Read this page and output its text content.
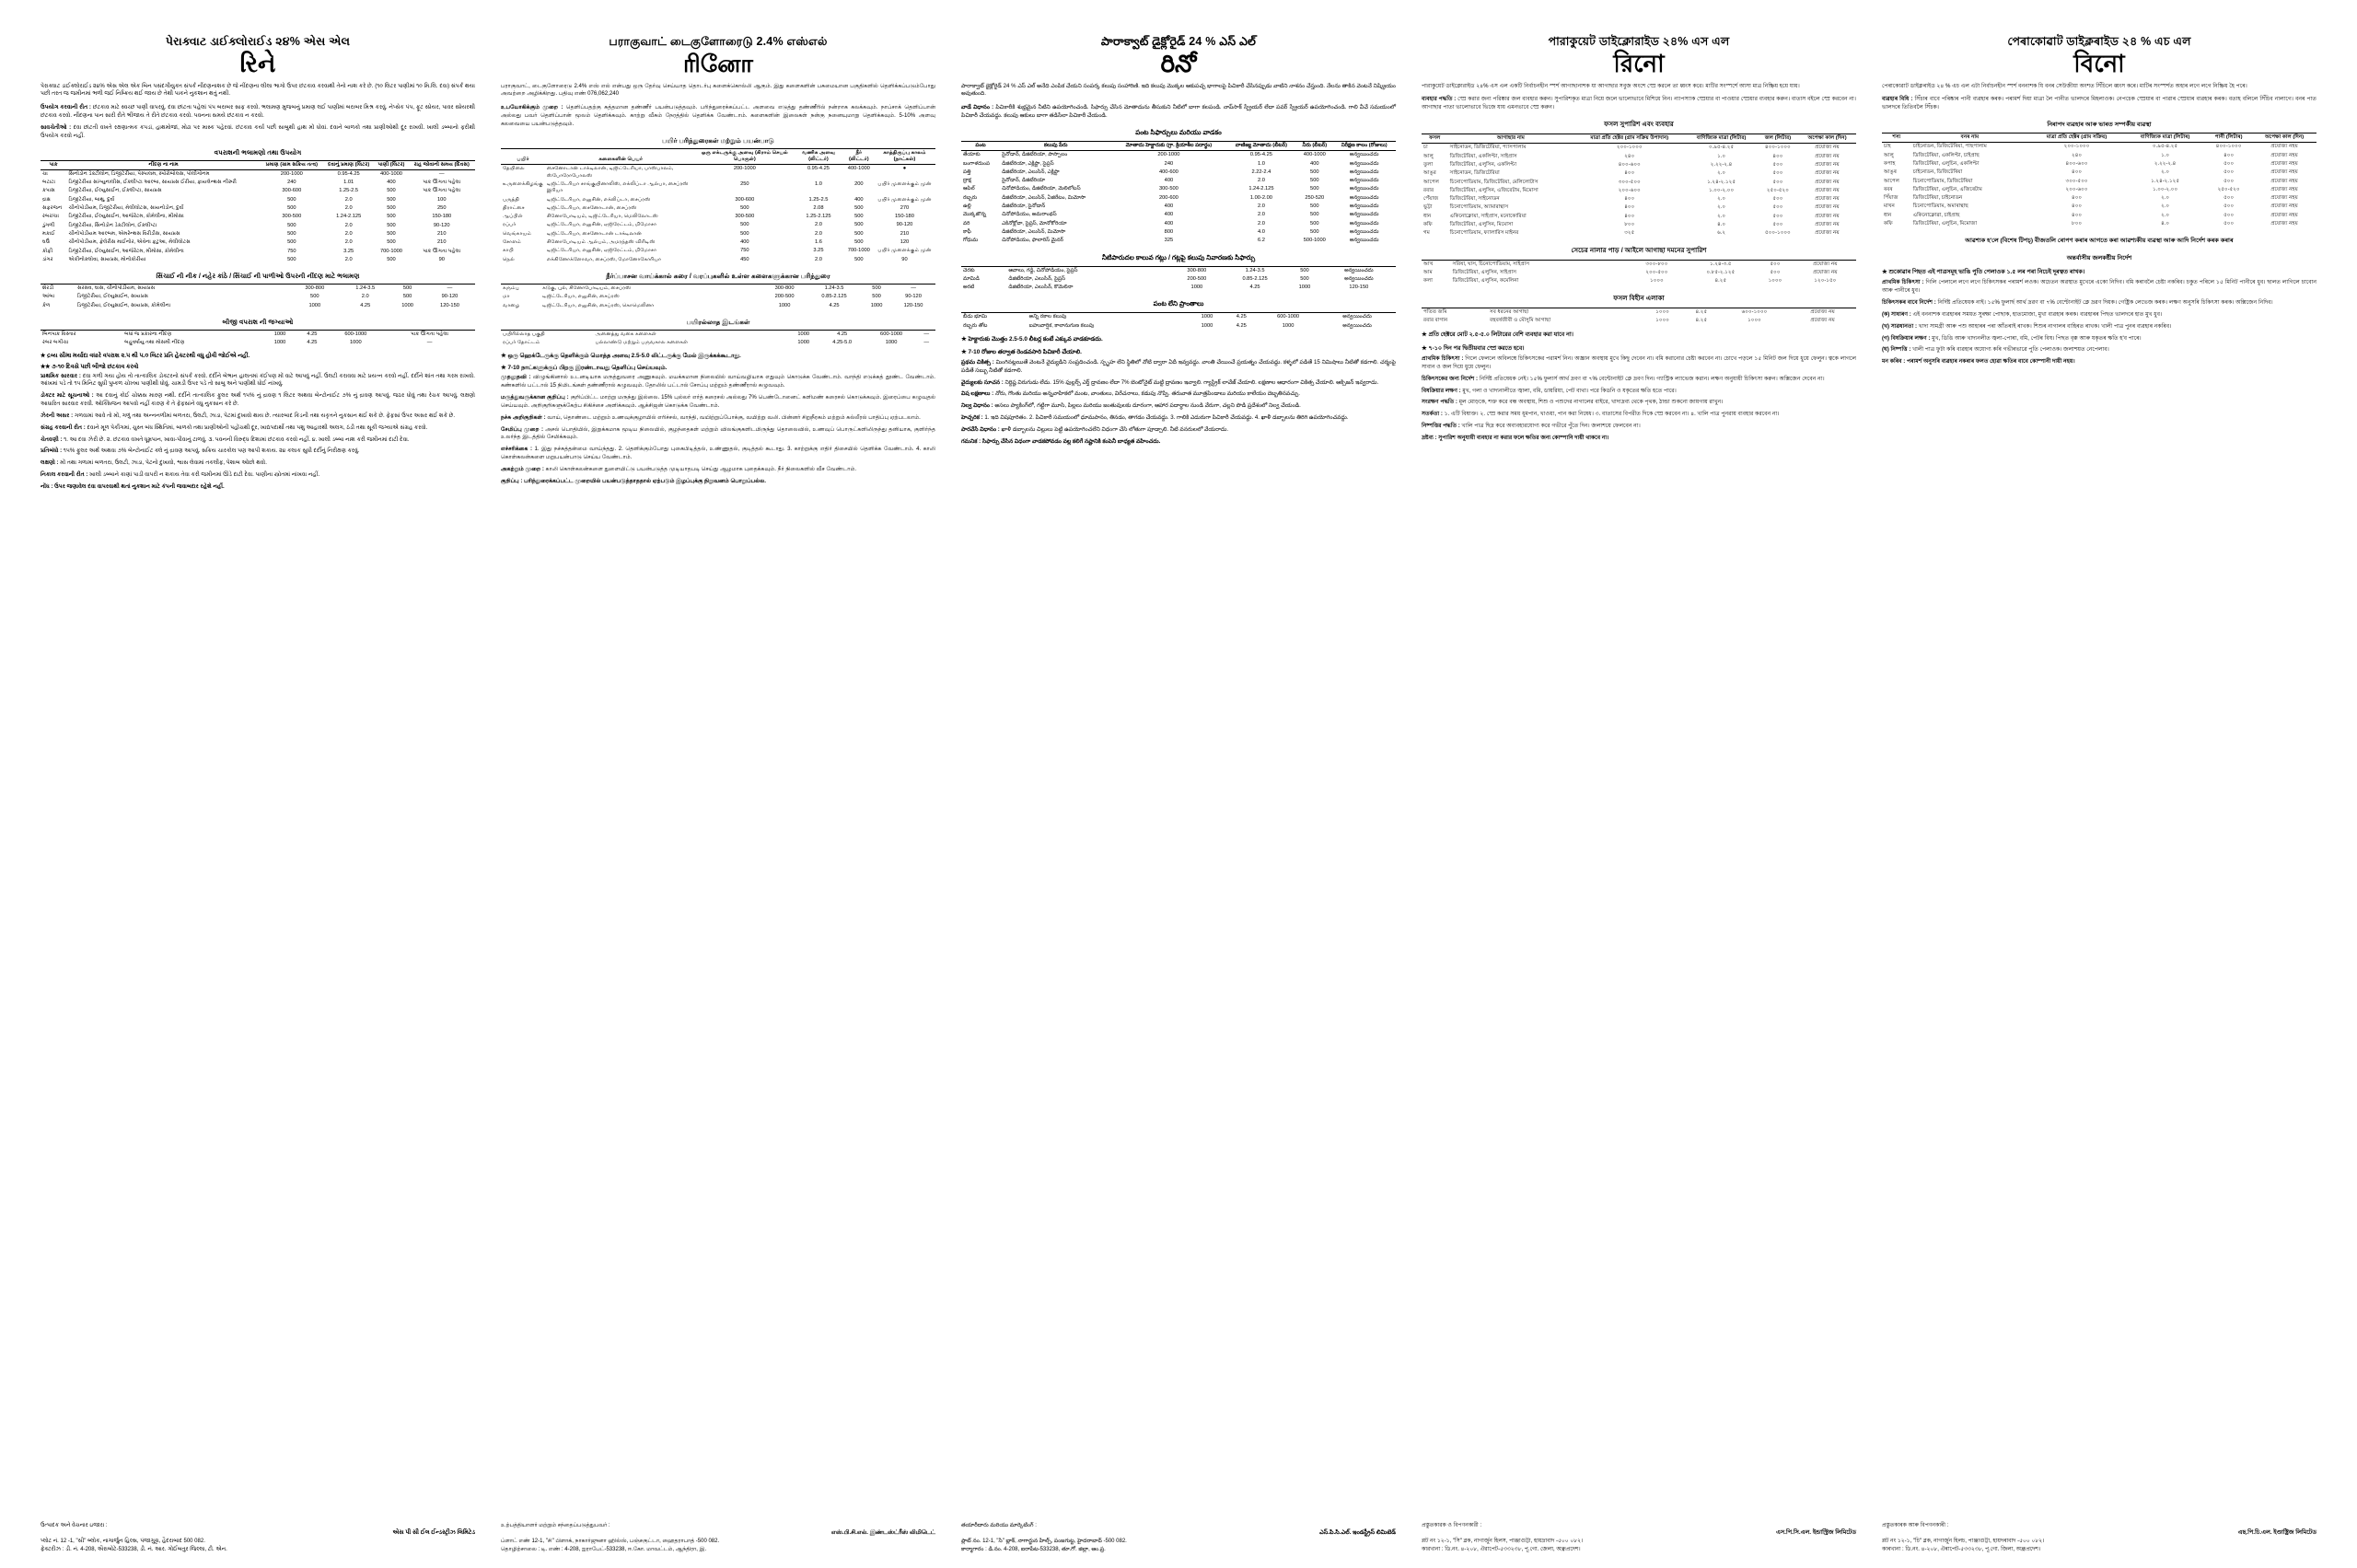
પેરાક્વાટ ડાઈક્લોરાઈડ ૨૪% એસ એલ
રિને
પેરાક્વાટ ડાઈક્લોરાઈડ ૨૪% એસ એલ એક બિન પસંદગીયુક્ત સંપર્ક નીંદણનાશક છે જે નીંદણના લીલા ભાગો ઉપર છંટકાવ કરવાથી તેનો નાશ કરે છે. (૧૦ લિટર પાણીમાં ૧૦ મિ.લિ. દવા) સંપર્ક થયા પછી તરત જ જમીનમાં ભળી જઈ નિષ્ક્રિય થઈ જાય છે તેથી પાકને નુકશાન થતું નથી.
ઉપયોગ કરવાની રીત : છંટકાવ માટે સ્વચ્છ પાણી વાપરવું. દવા છાંટતા પહેલાં પંપ બરાબર સાફ કરવો. ભલામણ મુજબનું પ્રમાણ લઈ પાણીમાં બરાબર મિશ્ર કરવું. નેપ્સેક પંપ, ફૂટ સ્પ્રેયર, પાવર સ્પ્રેયરથી છંટકાવ કરવો. નીંદણના પાન સારી રીતે ભીંજાય તે રીતે છંટકાવ કરવો. પવનના સમયે છંટકાવ ન કરવો.
સાવચેતીઓ : દવા છાંટતી વખતે રક્ષણાત્મક કપડાં, હાથમોજાં, મોઢા પર માસ્ક પહેરવાં. છંટકાવ કર્યા પછી સાબુથી હાથ મોં ધોવાં. દવાને બાળકો તથા પ્રાણીઓથી દૂર રાખવી. ખાલી ડબ્બાનો ફરીથી ઉપયોગ કરવો નહીં.
વપરાશની ભલામણો તથા ઉપયોગ
પાક	નીંદણ ના નામ	પ્રમાણ (ગ્રામ સક્રિય તત્વ)	દવાનું પ્રમાણ (લિટર)	પાણી (લિટર)	રાહ જોવાનો સમય (દિવસ)
ચા	સિનોડોન ડેક્ટીલોન, ડિજીટેરીયા, પેસ્પાલમ, સ્પોરોબોલસ, પોલીગોનમ	200-1000	0.95-4.25	400-1000	—
બટાટા	ડિજીટેરીયા સાંગ્યુનાલીસ, ઈક્લીપ્ટા આલ્બા, સાયપ્રસ ઈરીયા, ફાયલેન્થસ નીરુરી	240	1.01	400	પાક ઊગતા પહેલા
કપાસ	ડિજીટેરીયા, ઈલ્યુસાઈન, ઈક્લીપ્ટા, સાયપ્રસ	300-600	1.25-2.5	500	પાક ઊગતા પહેલા
દ્રાક્ષ	ડિજીટેરીયા, બાથુ, દુર્વા	500	2.0	500	100
સફરજન	ચીનોપોડીયમ, ડિજીટેરીયા, મેલીલોટસ, સાયનોડોન, દુર્વા	500	2.0	500	250
રબર/ચા	ડિજીટેરીયા, ઈલ્યુસાઈન, આજેરેટમ, કોમેલીના, મીમોસા	300-500	1.24-2.125	500	150-180
ડુંગળી	ડિજીટેરીયા, સિનોડોન ડેક્ટીલોન, ઈક્લીપ્ટા	500	2.0	500	90-120
મકાઈ	ચીનોપોડીયમ આલ્બમ, એમરેન્થસ વિરીડીસ, સાયપ્રસ	500	2.0	500	210
ઘઉં	ચીનોપોડીયમ, ફેલેરીસ માઈનોર, એવેના ફટુઆ, મેલીલોટસ	500	2.0	500	210
કોફી	ડિજીટેરીયા, ઈલ્યુસાઈન, આજેરેટમ, મીમોસા, કોમેલીના	750	3.25	700-1000	પાક ઊગતા પહેલા
ડાંગર	એકીનોક્લોવા, સાયપ્રસ, મોનોકોરીયા	500	2.0	500	90
સિંચાઈ ની નીક / નહેર કાંઠે / સિંચાઈ ની પાળીઓ ઉપરની નીંદણ માટે ભલામણ
શેરડી	સરસવ, ઘાસ, ચીનોપોડીયમ, સાયપ્રસ	300-800	1.24-3.5	500	—
આંબા	ડિજીટેરીયા, ઈલ્યુસાઈન, સાયપ્રસ	500	2.0	500	90-120
કેળ	ડિજીટેરીયા, ઈલ્યુસાઈન, સાયપ્રસ, કોમેલીના	1000	4.25	1000	120-150
બીજી વપરાશ ની જગ્યાઓ
બિનપાક વિસ્તાર	બધાં જ પ્રકારના નીંદણ	1000	4.25	600-1000	પાક ઊગતા પહેલા
રબર બગીચા	બહુવર્ષાયુ તથા મોસમી નીંદણ	1000	4.25	1000	—
★ દ્રવ્ય સીમા મર્યાદા વધારે વપરાશ ૨.૫ થી ૫.૦ લિટર પ્રતિ હેક્ટરથી વધુ હોવી જોઈએ નહીં.
★★ ૭-૧૦ દિવસે પછી બીજો છંટકાવ કરવો
પ્રાથમિક સારવાર : દવા ગળી ગયા હોય તો તાત્કાલિક ડોક્ટરનો સંપર્ક કરવો. દર્દીને બેભાન હાલતમાં કંઈપણ મોં વાટે આપવું નહીં. ઉલટી કરાવવા માટે પ્રયત્ન કરવો નહીં. દર્દીને શાંત તથા ગરમ રાખવો. આંખમાં પડે તો ૧૫ મિનિટ સુધી પુષ્કળ ચોખ્ખા પાણીથી ધોવું. ચામડી ઉપર પડે તો સાબુ અને પાણીથી ધોઈ નાંખવું.
ડોક્ટર માટે સૂચનાઓ : આ દવાનું કોઈ ચોક્કસ મારણ નથી. દર્દીને તાત્કાલિક ફુલર અર્થ ૧૫% નું દ્રાવણ ૧ લિટર અથવા બેન્ટોનાઈટ ૭% નું દ્રાવણ આપવું. જઠર ધોવું તથા રેચક આપવું. લક્ષણો આધારિત સારવાર કરવી. ઓક્સિજન આપવો નહીં કારણ કે તે ફેફસાંને વધુ નુકસાન કરે છે.
ઝેરની અસર : ગળવામાં આવે તો મોં, ગળું તથા અન્નનળીમાં બળતરા, ઉલટી, ઝાડા, પેટમાં દુખાવો થાય છે. ત્યારબાદ કિડની તથા યકૃતને નુકસાન થઈ શકે છે. ફેફસાં ઉપર અસર થઈ શકે છે.
સંગ્રહ કરવાની રીત : દવાને મૂળ પેકીંગમાં, ચુસ્ત બંધ સ્થિતિમાં, બાળકો તથા પ્રાણીઓની પહોંચથી દૂર, ખાદ્યપદાર્થો તથા પશુ આહારથી અલગ, ઠંડી તથા સૂકી જગ્યાએ સંગ્રહ કરવો.
ચેતવણી : ૧. આ દવા ઝેરી છે. ૨. છંટકાવ વખતે ધૂમ્રપાન, ખાવા-પીવાનું ટાળવું. ૩. પવનની વિરુદ્ધ દિશામાં છંટકાવ કરવો નહીં. ૪. ખાલી ડબ્બા નાશ કરી જમીનમાં દાટી દેવા.
પ્રતિબંધો : ૧૫% ફુલર અર્થ અથવા ૭% બેન્ટોનાઈટ ક્લે નું દ્રાવણ આપવું. સક્રિય ચારકોલ પણ આપી શકાય. ૨૪ કલાક સુધી દર્દીનું નિરીક્ષણ કરવું.
લક્ષણો : મોં તથા ગળામાં બળતરા, ઉલટી, ઝાડા, પેટનો દુખાવો, શ્વાસ લેવામાં તકલીફ, પેશાબ ઓછો થવો.
નિકાલ કરવાની રીત : ખાલી ડબ્બાને કાણાં પાડી વાપરી ન શકાય તેવા કરી જમીનમાં ઊંડે દાટી દેવા. પાણીના સ્ત્રોતમાં નાંખવા નહીં.
નોંધ : ઉપર જણાવેલ દવા વાપરવાથી થતાં નુકશાન માટે કંપની જવાબદાર રહેશે નહીં.
ઉત્પાદક અને વેચનાર ઇજારા :
એસ પી સી ઈલ ઈન્ડસ્ટ્રીઝ લિમિટેડ
પ્લોટ નં. 12 -1, "સી" બ્લોક, નાગાર્જુન હિલ્સ, પંજાગુટ્ટા, હૈદરાબાદ 500 082.
ફેક્ટરીઝ : ડી. નં. 4-208, ઐરાબોટે-533238, ડી. નં. આર. ગોઈંબતુર જિલ્લા, ટી. એન.
பராகுவாட் டைகுளோரைடு 2.4% எஸ்எல்
ரினோ
பராகுவாட், டைகுளோரைடு 2.4% எஸ் எல் என்பது ஒரு தேர்வு செய்யாத தொடர்பு களைக்கொல்லி ஆகும். இது களைகளின் பசுமையான பகுதிகளில் தெளிக்கப்படும்போது அவற்றை அழிக்கிறது. பதிவு எண் 076,062,240
உபயோகிக்கும் முறை : தெளிப்பதற்கு சுத்தமான தண்ணீர் பயன்படுத்தவும். பரிந்துரைக்கப்பட்ட அளவை எடுத்து தண்ணீரில் நன்றாக கலக்கவும். நாப்சாக் தெளிப்பான் அல்லது பவர் தெளிப்பான் மூலம் தெளிக்கவும். காற்று வீசும் நேரத்தில் தெளிக்க வேண்டாம். களைகளின் இலைகள் நன்கு நனையுமாறு தெளிக்கவும். 5-10% அளவு கலவையை பயன்படுத்தவும்.
பயிர் பரிந்துரைகள் மற்றும் பயன்பாடு
பயிர்	களைகளின் பெயர்	ஒரு எக்டருக்கு அளவு (கிராம் செயல் பொருள்)	வணிக அளவு (லிட்டர்)	நீர் (லிட்டர்)	காத்திருப்பு காலம் (நாட்கள்)
தேயிலை	சைனோடான் டாக்டிலான், டிஜிட்டேரியா, பாஸ்பாலம், ஸ்போரோபோலஸ்	200-1000	0.95-4.25	400-1000	●
உருளைக்கிழங்கு	டிஜிட்டேரியா சாங்குயினாலிஸ், எக்லிப்டா ஆல்பா, சைப்ரஸ் இரியா	250	1.0	200	பயிர் முளைக்கும் முன்
பருத்தி	டிஜிட்டேரியா, எலுசின், எக்லிப்டா, சைப்ரஸ்	300-600	1.25-2.5	400	பயிர் முளைக்கும் முன்
திராட்சை	டிஜிட்டேரியா, சைனோடான், சைப்ரஸ்	500	2.08	500	270
ஆப்பிள்	சினோபோடியம், டிஜிட்டேரியா, மெலிலோடஸ்	300-500	1.25-2.125	500	150-180
ரப்பர்	டிஜிட்டேரியா, எலுசின், ஏஜிரேட்டம், மிமோசா	500	2.0	500	90-120
வெங்காயம்	டிஜிட்டேரியா, சைனோடான் டாக்டிலான்	500	2.0	500	210
சோளம்	சினோபோடியம் ஆல்பம், அமரந்தஸ் விரிடிஸ்	400	1.6	500	120
காபி	டிஜிட்டேரியா, எலுசின், ஏஜிரேட்டம், மிமோசா	750	3.25	700-1000	பயிர் முளைக்கும் முன்
நெல்	எக்கினோக்ளோவா, சைப்ரஸ், மோனோகோரியா	450	2.0	500	90
நீர்ப்பாசன வாய்க்கால் கரை / வரப்புகளில் உள்ள களைகளுக்கான பரிந்துரை
கரும்பு	கடுகு, புல், சினோபோடியம், சைப்ரஸ்	300-800	1.24-3.5	500	—
மா	டிஜிட்டேரியா, எலுசின், சைப்ரஸ்	200-500	0.85-2.125	500	90-120
வாழை	டிஜிட்டேரியா, எலுசின், சைப்ரஸ், கொமெலினா	1000	4.25	1000	120-150
பயிரல்லாத இடங்கள்
பயிரில்லாத பகுதி	அனைத்து வகை களைகள்	1000	4.25	600-1000	—
ரப்பர் தோட்டம்	பல்லாண்டு மற்றும் பருவகால களைகள்	1000	4.25-5.0	1000	—
★ ஒரு ஹெக்டேருக்கு தெளிக்கும் மொத்த அளவு 2.5-5.0 லிட்டருக்கு மேல் இருக்கக்கூடாது.
★ 7-10 நாட்களுக்குப் பிறகு இரண்டாவது தெளிப்பு செய்யவும்.
முதலுதவி : விழுங்கினால் உடனடியாக மருத்துவரை அணுகவும். மயக்கமான நிலையில் வாய்வழியாக எதுவும் கொடுக்க வேண்டாம். வாந்தி எடுக்கத் தூண்ட வேண்டாம். கண்களில் பட்டால் 15 நிமிடங்கள் தண்ணீரால் கழுவவும். தோலில் பட்டால் சோப்பு மற்றும் தண்ணீரால் கழுவவும்.
மருத்துவருக்கான குறிப்பு : குறிப்பிட்ட மாற்று மருந்து இல்லை. 15% புல்லர் எர்த் கரைசல் அல்லது 7% பெண்டோனைட் களிமண் கரைசல் கொடுக்கவும். இரைப்பை கழுவுதல் செய்யவும். அறிகுறிகளுக்கேற்ப சிகிச்சை அளிக்கவும். ஆக்சிஜன் கொடுக்க வேண்டாம்.
நச்சு அறிகுறிகள் : வாய், தொண்டை மற்றும் உணவுக்குழாயில் எரிச்சல், வாந்தி, வயிற்றுப்போக்கு, வயிற்று வலி. பின்னர் சிறுநீரகம் மற்றும் கல்லீரல் பாதிப்பு ஏற்படலாம்.
சேமிப்பு முறை : அசல் பொதியில், இறுக்கமாக மூடிய நிலையில், குழந்தைகள் மற்றும் விலங்குகளிடமிருந்து தொலைவில், உணவுப் பொருட்களிலிருந்து தனியாக, குளிர்ந்த உலர்ந்த இடத்தில் சேமிக்கவும்.
எச்சரிக்கை : 1. இது நச்சுத்தன்மை வாய்ந்தது. 2. தெளிக்கும்போது புகைபிடித்தல், உண்ணுதல், குடித்தல் கூடாது. 3. காற்றுக்கு எதிர் திசையில் தெளிக்க வேண்டாம். 4. காலி கொள்கலன்களை மறுபயன்பாடு செய்ய வேண்டாம்.
அகற்றும் முறை : காலி கொள்கலன்களை துளையிட்டு பயன்படுத்த முடியாதபடி செய்து ஆழமாக புதைக்கவும். நீர் நிலைகளில் வீச வேண்டாம்.
குறிப்பு : பரிந்துரைக்கப்பட்ட முறையில் பயன்படுத்தாததால் ஏற்படும் இழப்புக்கு நிறுவனம் பொறுப்பல்ல.
உற்பத்தியாளர் மற்றும் சந்தைப்படுத்துபவர் :
எஸ்.பி.சி.எல். இண்டஸ்ட்ரீஸ் லிமிடெட்
ப்ளாட் எண் 12-1, "சி" பிளாக், நாகார்ஜுனா ஹில்ஸ், பஞ்சகுட்டா, ஹைதராபாத் -500 082.
தொழிற்சாலை : டி. எண் : 4-208, ஐராபேட்-533238, ஈ.கோ. மாவட்டம், ஆந்திரா, இ.
పారాక్వాట్ డైక్లోరైడ్ 24 % ఎస్ ఎల్
రినో
పారాక్వాట్ డైక్లోరైడ్ 24 % ఎస్ ఎల్ అనేది ఎంపిక చేయని సంపర్క కలుపు సంహారిణి. ఇది కలుపు మొక్కల ఆకుపచ్చ భాగాలపై పిచికారీ చేసినప్పుడు వాటిని నాశనం చేస్తుంది. నేలను తాకిన వెంటనే నిష్క్రియం అవుతుంది.
వాడే విధానం : పిచికారీకి శుభ్రమైన నీటిని ఉపయోగించండి. సిఫార్సు చేసిన మోతాదును తీసుకుని నీటిలో బాగా కలపండి. నాప్‌సాక్ స్ప్రేయర్ లేదా పవర్ స్ప్రేయర్ ఉపయోగించండి. గాలి వీచే సమయంలో పిచికారీ చేయవద్దు. కలుపు ఆకులు బాగా తడిసేలా పిచికారీ చేయండి.
పంట సిఫార్సులు మరియు వాడకం
పంట	కలుపు పేరు	మోతాదు హెక్టారుకు (గ్రా. క్రియాశీల పదార్థం)	వాణిజ్య మోతాదు (లీటర్)	నీరు (లీటర్)	నిరీక్షణ కాలం (రోజులు)
తేయాకు	సైనోడాన్, డిజిటేరియా, పాస్పాలం	200-1000	0.95-4.25	400-1000	అన్వయించదు
బంగాళదుంప	డిజిటేరియా, ఎక్లిప్టా, సైప్రస్	240	1.0	400	అన్వయించదు
పత్తి	డిజిటేరియా, ఎలుసిన్, ఎక్లిప్టా	400-600	2.22-2.4	500	అన్వయించదు
ద్రాక్ష	సైనోడాన్, డిజిటేరియా	400	2.0	500	అన్వయించదు
ఆపిల్	చినోపోడియం, డిజిటేరియా, మెలిలోటస్	300-500	1.24-2.125	500	అన్వయించదు
రబ్బరు	డిజిటేరియా, ఎలుసిన్, ఏజిరేటం, మిమోసా	200-600	1.00-2.00	250-520	అన్వయించదు
ఉల్లి	డిజిటేరియా, సైనోడాన్	400	2.0	500	అన్వయించదు
మొక్కజొన్న	చినోపోడియం, అమరాంథస్	400	2.0	500	అన్వయించదు
వరి	ఎకినోక్లోవా, సైప్రస్, మోనోకోరియా	400	2.0	500	అన్వయించదు
కాఫీ	డిజిటేరియా, ఎలుసిన్, మిమోసా	800	4.0	500	అన్వయించదు
గోధుమ	చినోపోడియం, ఫాలారిస్ మైనర్	325	6.2	500-1000	అన్వయించదు
నీటిపారుదల కాలువ గట్లు / గట్లపై కలుపు నివారణకు సిఫార్సు
చెరకు	ఆవాలు, గడ్డి, చినోపోడియం, సైప్రస్	300-800	1.24-3.5	500	అన్వయించదు
మామిడి	డిజిటేరియా, ఎలుసిన్, సైప్రస్	200-500	0.85-2.125	500	అన్వయించదు
అరటి	డిజిటేరియా, ఎలుసిన్, కొమెలినా	1000	4.25	1000	120-150
పంట లేని ప్రాంతాలు
బీడు భూమి	అన్ని రకాల కలుపు	1000	4.25	600-1000	అన్వయించదు
రబ్బరు తోట	బహువార్షిక, కాలానుగుణ కలుపు	1000	4.25	1000	అన్వయించదు
★ హెక్టారుకు మొత్తం 2.5-5.0 లీటర్ల కంటే ఎక్కువ వాడకూడదు.
★ 7-10 రోజుల తర్వాత రెండవసారి పిచికారీ చేయాలి.
ప్రథమ చికిత్స : మింగినట్లయితే వెంటనే వైద్యుడిని సంప్రదించండి. స్పృహ లేని స్థితిలో నోటి ద్వారా ఏదీ ఇవ్వవద్దు. వాంతి చేయించే ప్రయత్నం చేయవద్దు. కళ్ళలో పడితే 15 నిమిషాలు నీటితో కడగాలి. చర్మంపై పడితే సబ్బు నీటితో కడగాలి.
వైద్యులకు సూచన : నిర్దిష్ట విరుగుడు లేదు. 15% ఫుల్లర్స్ ఎర్త్ ద్రావణం లేదా 7% బెంటోనైట్ మట్టి ద్రావణం ఇవ్వాలి. గ్యాస్ట్రిక్ లావేజ్ చేయాలి. లక్షణాల ఆధారంగా చికిత్స చేయాలి. ఆక్సిజన్ ఇవ్వరాదు.
విష లక్షణాలు : నోరు, గొంతు మరియు అన్నవాహికలో మంట, వాంతులు, విరేచనాలు, కడుపు నొప్పి. తరువాత మూత్రపిండాలు మరియు కాలేయం దెబ్బతినవచ్చు.
నిల్వ విధానం : అసలు ప్యాకింగ్‌లో, గట్టిగా మూసి, పిల్లలు మరియు జంతువులకు దూరంగా, ఆహార పదార్థాల నుండి వేరుగా, చల్లని పొడి ప్రదేశంలో నిల్వ చేయండి.
హెచ్చరిక : 1. ఇది విషపూరితం. 2. పిచికారీ సమయంలో ధూమపానం, తినడం, తాగడం చేయవద్దు. 3. గాలికి ఎదురుగా పిచికారీ చేయవద్దు. 4. ఖాళీ డబ్బాలను తిరిగి ఉపయోగించవద్దు.
పారవేసే విధానం : ఖాళీ డబ్బాలను చిల్లులు పెట్టి ఉపయోగించలేని విధంగా చేసి లోతుగా పూడ్చాలి. నీటి వనరులలో వేయరాదు.
గమనిక : సిఫార్సు చేసిన విధంగా వాడకపోవడం వల్ల కలిగే నష్టానికి కంపెనీ బాధ్యత వహించదు.
తయారీదారు మరియు మార్కెటింగ్ :
ఎస్.పి.సి.ఎల్. ఇండస్ట్రీస్ లిమిటెడ్
ప్లాట్ నం. 12-1, "సి" బ్లాక్, నాగార్జున హిల్స్, పంజగుట్ట, హైదరాబాద్ -500 082.
కార్మాగారం : డి.నం. 4-208, ఐరాపేట-533238, తూ.గో. జిల్లా, ఆం.ప్ర.
পারাকুয়েট ডাইক্লোরাইড ২৪% এস এল
রিনো
পারাকুয়েট ডাইক্লোরাইড ২৪% এস এল একটি নির্বাচনহীন স্পর্শ আগাছানাশক যা আগাছার সবুজ অংশে স্প্রে করলে তা ধ্বংস করে। মাটির সংস্পর্শে আসা মাত্র নিষ্ক্রিয় হয়ে যায়।
ব্যবহার পদ্ধতি : স্প্রে করার জন্য পরিষ্কার জল ব্যবহার করুন। সুপারিশকৃত মাত্রা নিয়ে জলে ভালোভাবে মিশিয়ে নিন। ন্যাপস্যাক স্প্রেয়ার বা পাওয়ার স্প্রেয়ার ব্যবহার করুন। বাতাস বইলে স্প্রে করবেন না। আগাছার পাতা ভালোভাবে ভিজে যায় এমনভাবে স্প্রে করুন।
ফসল সুপারিশ এবং ব্যবহার
ফসল	আগাছার নাম	মাত্রা প্রতি হেক্টর (গ্রাম সক্রিয় উপাদান)	বাণিজ্যিক মাত্রা (লিটার)	জল (লিটার)	অপেক্ষা কাল (দিন)
চা	সাইনোডন, ডিজিটেরিয়া, প্যাসপালাম	২০০-১০০০	০.৯৫-৪.২৫	৪০০-১০০০	প্রযোজ্য নয়
আলু	ডিজিটেরিয়া, একলিপ্টা, সাইপ্রাস	২৪০	১.০	৪০০	প্রযোজ্য নয়
তুলা	ডিজিটেরিয়া, এলুসিন, একলিপ্টা	৪০০-৬০০	২.২২-২.৪	৫০০	প্রযোজ্য নয়
আঙুর	সাইনোডন, ডিজিটেরিয়া	৪০০	২.০	৫০০	প্রযোজ্য নয়
আপেল	চিনোপোডিয়াম, ডিজিটেরিয়া, মেলিলোটাস	৩০০-৫০০	১.২৪-২.১২৫	৫০০	প্রযোজ্য নয়
রবার	ডিজিটেরিয়া, এলুসিন, এজিরেটাম, মিমোসা	২০০-৬০০	১.০০-২.০০	২৫০-৫২০	প্রযোজ্য নয়
পেঁয়াজ	ডিজিটেরিয়া, সাইনোডন	৪০০	২.০	৫০০	প্রযোজ্য নয়
ভুট্টা	চিনোপোডিয়াম, অ্যামারান্থাস	৪০০	২.০	৫০০	প্রযোজ্য নয়
ধান	একিনোক্লোয়া, সাইপ্রাস, মনোকোরিয়া	৪০০	২.০	৫০০	প্রযোজ্য নয়
কফি	ডিজিটেরিয়া, এলুসিন, মিমোসা	৮০০	৪.০	৫০০	প্রযোজ্য নয়
গম	চিনোপোডিয়াম, ফ্যালারিস মাইনর	৩২৫	৬.২	৫০০-১০০০	প্রযোজ্য নয়
সেচের নালার পাড় / আইলে আগাছা দমনের সুপারিশ
আখ	সরিষা, ঘাস, চিনোপোডিয়াম, সাইপ্রাস	৩০০-৮০০	১.২৪-৩.৫	৫০০	প্রযোজ্য নয়
আম	ডিজিটেরিয়া, এলুসিন, সাইপ্রাস	২০০-৫০০	০.৮৫-২.১২৫	৫০০	প্রযোজ্য নয়
কলা	ডিজিটেরিয়া, এলুসিন, কমেলিনা	১০০০	৪.২৫	১০০০	১২০-১৫০
ফসল বিহীন এলাকা
পতিত জমি	সব ধরনের আগাছা	১০০০	৪.২৫	৬০০-১০০০	প্রযোজ্য নয়
রবার বাগান	বহুবর্ষজীবী ও মৌসুমি আগাছা	১০০০	৪.২৫	১০০০	প্রযোজ্য নয়
★ প্রতি হেক্টরে মোট ২.৫-৫.০ লিটারের বেশি ব্যবহার করা যাবে না।
★ ৭-১০ দিন পর দ্বিতীয়বার স্প্রে করতে হবে।
প্রাথমিক চিকিৎসা : গিলে ফেললে অবিলম্বে চিকিৎসকের পরামর্শ নিন। অজ্ঞান অবস্থায় মুখে কিছু দেবেন না। বমি করানোর চেষ্টা করবেন না। চোখে পড়লে ১৫ মিনিট জল দিয়ে ধুয়ে ফেলুন। ত্বকে লাগলে সাবান ও জল দিয়ে ধুয়ে ফেলুন।
চিকিৎসকের জন্য নির্দেশ : নির্দিষ্ট প্রতিষেধক নেই। ১৫% ফুলার্স আর্থ দ্রবণ বা ৭% বেন্টোনাইট ক্লে দ্রবণ দিন। গ্যাস্ট্রিক ল্যাভেজ করান। লক্ষণ অনুযায়ী চিকিৎসা করুন। অক্সিজেন দেবেন না।
বিষক্রিয়ার লক্ষণ : মুখ, গলা ও খাদ্যনালীতে জ্বালা, বমি, ডায়রিয়া, পেট ব্যথা। পরে কিডনি ও যকৃতের ক্ষতি হতে পারে।
সংরক্ষণ পদ্ধতি : মূল মোড়কে, শক্ত করে বন্ধ অবস্থায়, শিশু ও পশুদের নাগালের বাইরে, খাদ্যদ্রব্য থেকে পৃথক, ঠান্ডা শুকনো জায়গায় রাখুন।
সতর্কতা : ১. এটি বিষাক্ত। ২. স্প্রে করার সময় ধূমপান, খাওয়া, পান করা নিষেধ। ৩. বাতাসের বিপরীত দিকে স্প্রে করবেন না। ৪. খালি পাত্র পুনরায় ব্যবহার করবেন না।
নিষ্পত্তির পদ্ধতি : খালি পাত্র ছিদ্র করে অব্যবহারযোগ্য করে গভীরে পুঁতে দিন। জলাশয়ে ফেলবেন না।
দ্রষ্টব্য : সুপারিশ অনুযায়ী ব্যবহার না করার ফলে ক্ষতির জন্য কোম্পানি দায়ী থাকবে না।
প্রস্তুতকারক ও বিপণনকারী :
এস.পি.সি.এল. ইন্ডাস্ট্রিজ লিমিটেড
প্লট নং ১২-১, "সি" ব্লক, নাগার্জুন হিলস, পাঞ্জাগুট্টা, হায়দ্রাবাদ -৫০০ ০৮২।
কারখানা : ডি.নং. ৪-২০৮, ঐরাপেট-৫৩৩২৩৮, পূ.গো. জেলা, অন্ধ্রপ্রদেশ।
পেৰাকোৱাট ডাইক্লৰাইড ২৪ % এচ এল
বিনো
পেৰাকোৱাট ডাইক্লৰাইড ২৪ % এচ এল এটা নিৰ্বাচনহীন স্পৰ্শ বননাশক যি বনৰ সেউজীয়া অংশত সিঁচিলে ধ্বংস কৰে। মাটিৰ সংস্পৰ্শত অহাৰ লগে লগে নিষ্ক্ৰিয় হৈ পৰে।
ব্যৱহাৰ বিধি : সিঁচাৰ বাবে পৰিষ্কাৰ পানী ব্যৱহাৰ কৰক। পৰামৰ্শ দিয়া মাত্ৰা লৈ পানীত ভালদৰে মিহলাওক। নেপচেক স্প্ৰেয়াৰ বা পাৱাৰ স্প্ৰেয়াৰ ব্যৱহাৰ কৰক। বতাহ বলিলে সিঁচিব নালাগে। বনৰ পাত ভালদৰে তিতিবলৈ সিঁচক।
নিৰাপদ ব্যৱহাৰ আৰু ভাৰত সম্পৰ্কীয় ব্যৱস্থা
শস্য	বনৰ নাম	মাত্ৰা প্ৰতি হেক্টৰ (গ্ৰাম সক্ৰিয়)	বাণিজ্যিক মাত্ৰা (লিটাৰ)	পানী (লিটাৰ)	অপেক্ষা কাল (দিন)
চাহ	চাইনোডন, ডিজিটেৰিয়া, পাছপালাম	২০০-১০০০	০.৯৫-৪.২৫	৪০০-১০০০	প্ৰযোজ্য নহয়
আলু	ডিজিটেৰিয়া, একলিপ্টা, চাইপ্ৰাছ	২৪০	১.০	৪০০	প্ৰযোজ্য নহয়
কপাহ	ডিজিটেৰিয়া, এলুচিন, একলিপ্টা	৪০০-৬০০	২.২২-২.৪	৫০০	প্ৰযোজ্য নহয়
আঙুৰ	চাইনোডন, ডিজিটেৰিয়া	৪০০	২.০	৫০০	প্ৰযোজ্য নহয়
আপেল	চিনোপোডিয়াম, ডিজিটেৰিয়া	৩০০-৫০০	১.২৪-২.১২৫	৫০০	প্ৰযোজ্য নহয়
ৰবৰ	ডিজিটেৰিয়া, এলুচিন, এজিৰেটাম	২০০-৬০০	১.০০-২.০০	২৫০-৫২০	প্ৰযোজ্য নহয়
পিঁয়াজ	ডিজিটেৰিয়া, চাইনোডন	৪০০	২.০	৫০০	প্ৰযোজ্য নহয়
মাখন	চিনোপোডিয়াম, অমাৰান্থাছ	৪০০	২.০	৫০০	প্ৰযোজ্য নহয়
ধান	একিনোক্লোৱা, চাইপ্ৰাছ	৪০০	২.০	৫০০	প্ৰযোজ্য নহয়
কফি	ডিজিটেৰিয়া, এলুচিন, মিমোজা	৮০০	৪.০	৫০০	প্ৰযোজ্য নহয়
আৱশ্যক হ'লে (বিশেষ টিপচ্) বীজতলি ৰোপণ কৰাৰ আগতে কৰা আৱশ্যকীয় ব্যৱস্থা আৰু আদি নিৰ্দেশ কৰক কৰাৰ
অন্তৰ্বাসীয় জলকষ্টীয় নিৰ্দেশ
★ শুকোৱাৰ পিছত এই পাত্ৰসমূহ ভাঙি পুতি পেলাওক ১.৫ লৰ পৰা নিচেই দূৰত্বত ৰাখক।
প্ৰাথমিক চিকিৎসা : গিলি পেলালে লগে লগে চিকিৎসকৰ পৰামৰ্শ লওক। অচেতন অৱস্থাত মুখেৰে একো নিদিব। বমি কৰাবলৈ চেষ্টা নকৰিব। চকুত পৰিলে ১৫ মিনিট পানীৰে ধুব। ছালত লাগিলে চাবোন আৰু পানীৰে ধুব।
চিকিৎসকৰ বাবে নিৰ্দেশ : নিৰ্দিষ্ট প্ৰতিষেধক নাই। ১৫% ফুলাৰ্ছ আৰ্থ দ্ৰৱণ বা ৭% বেণ্টোনাইট ক্লে দ্ৰৱণ দিয়ক। গেষ্ট্ৰিক লেভেজ কৰক। লক্ষণ অনুসৰি চিকিৎসা কৰক। অক্সিজেন নিদিব।
(ক) সাধাৰণ : এই বননাশক ব্যৱহাৰৰ সময়ত সুৰক্ষা পোছাক, হাতমোজা, মুখা ব্যৱহাৰ কৰক। ব্যৱহাৰৰ পিছত ভালদৰে হাত মুখ ধুব।
(খ) সাৱধানতা : খাদ্য সামগ্ৰী আৰু পশু আহাৰৰ পৰা আঁতৰাই ৰাখক। শিশুৰ নাগালৰ বাহিৰত ৰাখক। খালী পাত্ৰ পুনৰ ব্যৱহাৰ নকৰিব।
(গ) বিষক্ৰিয়াৰ লক্ষণ : মুখ, ডিঙি আৰু খাদ্যনলীত জ্বলা-পোৰা, বমি, পেটৰ বিষ। পিছত বৃক্ক আৰু যকৃতৰ ক্ষতি হ'ব পাৰে।
(ঘ) নিষ্পত্তি : খালী পাত্ৰ ফুটা কৰি ব্যৱহাৰ অযোগ্য কৰি গভীৰভাৱে পুতি পেলাওক। জলাশয়ত নেপেলাব।
মন কৰিব : পৰামৰ্শ অনুসৰি ব্যৱহাৰ নকৰাৰ ফলত হোৱা ক্ষতিৰ বাবে কোম্পানী দায়ী নহয়।
প্ৰস্তুতকাৰক আৰু বিপণনকাৰী :
এছ.পি.চি.এল. ইণ্ডাষ্ট্ৰিজ লিমিটেড
প্লট নং ১২-১, "চি" ব্লক, নাগাৰ্জুন হিলচ, পাঞ্জাগুট্টা, হায়দৰাবাদ -৫০০ ০৮২।
কাৰখানা : ডি.নং. ৪-২০৮, ঐৰাপেট-৫৩৩২৩৮, পূ.গো. জিলা, অন্ধ্ৰপ্ৰদেশ।
